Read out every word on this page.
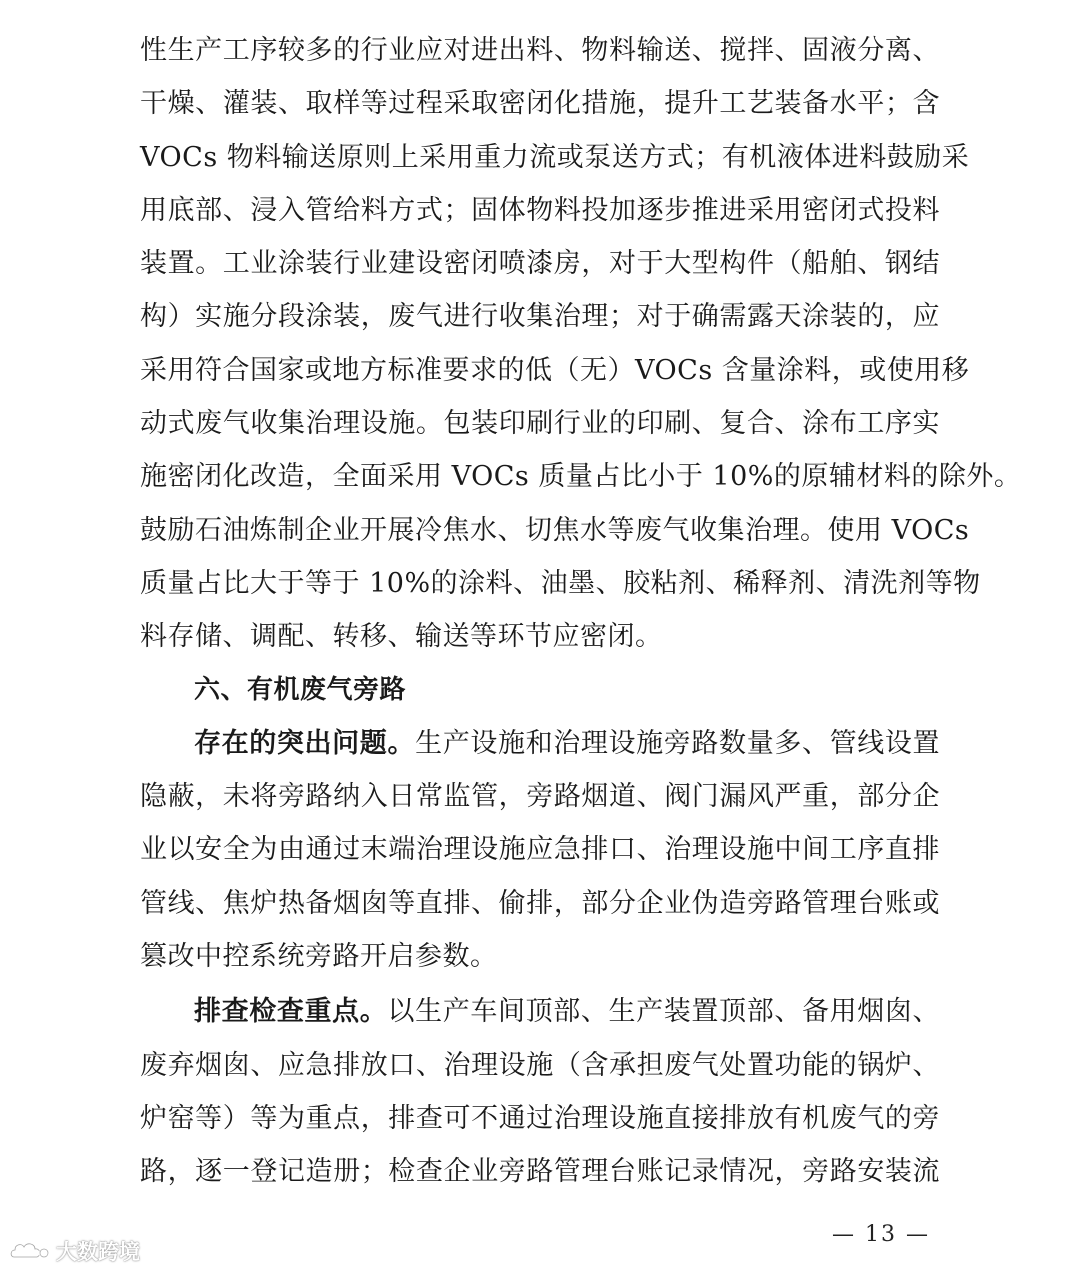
性生产工序较多的行业应对进出料、物料输送、搅拌、固液分离、
干燥、灌装、取样等过程采取密闭化措施，提升工艺装备水平；含
VOCs 物料输送原则上采用重力流或泵送方式；有机液体进料鼓励采
用底部、浸入管给料方式；固体物料投加逐步推进采用密闭式投料
装置。工业涂装行业建设密闭喷漆房，对于大型构件（船舶、钢结
构）实施分段涂装，废气进行收集治理；对于确需露天涂装的，应
采用符合国家或地方标准要求的低（无）VOCs 含量涂料，或使用移
动式废气收集治理设施。包装印刷行业的印刷、复合、涂布工序实
施密闭化改造，全面采用 VOCs 质量占比小于 10%的原辅材料的除外。
鼓励石油炼制企业开展冷焦水、切焦水等废气收集治理。使用 VOCs
质量占比大于等于 10%的涂料、油墨、胶粘剂、稀释剂、清洗剂等物
料存储、调配、转移、输送等环节应密闭。
六、有机废气旁路
存在的突出问题。生产设施和治理设施旁路数量多、管线设置
隐蔽，未将旁路纳入日常监管，旁路烟道、阀门漏风严重，部分企
业以安全为由通过末端治理设施应急排口、治理设施中间工序直排
管线、焦炉热备烟囱等直排、偷排，部分企业伪造旁路管理台账或
篡改中控系统旁路开启参数。
排查检查重点。以生产车间顶部、生产装置顶部、备用烟囱、
废弃烟囱、应急排放口、治理设施（含承担废气处置功能的锅炉、
炉窑等）等为重点，排查可不通过治理设施直接排放有机废气的旁
路，逐一登记造册；检查企业旁路管理台账记录情况，旁路安装流
— 13 —
大数跨境
